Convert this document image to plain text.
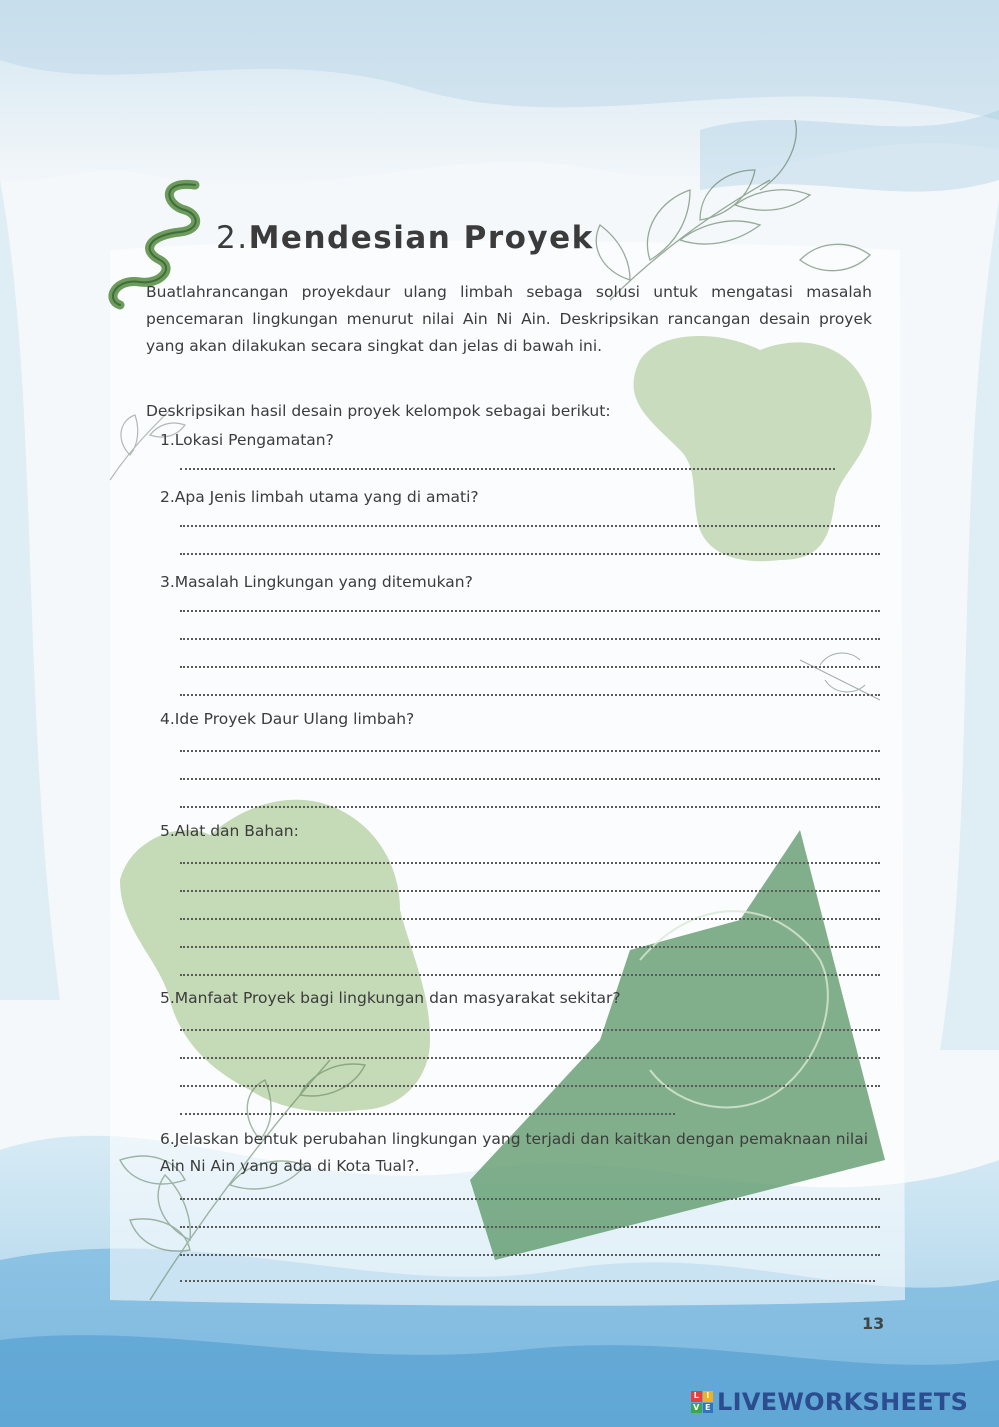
2.Mendesian Proyek

Buatlahrancangan proyekdaur ulang limbah sebaga solusi untuk mengatasi masalah pencemaran lingkungan menurut nilai Ain Ni Ain. Deskripsikan rancangan desain proyek yang akan dilakukan secara singkat dan jelas di bawah ini.

Deskripsikan hasil desain proyek kelompok sebagai berikut:

1.Lokasi Pengamatan?

2.Apa Jenis limbah utama yang di amati?

3.Masalah Lingkungan yang ditemukan?

4.Ide Proyek Daur Ulang limbah?

5.Alat dan Bahan:

5.Manfaat Proyek bagi lingkungan dan masyarakat sekitar?

6.Jelaskan bentuk perubahan lingkungan yang terjadi dan kaitkan dengan pemaknaan nilai Ain Ni Ain yang ada di Kota Tual?.

13
L I
V E LIVEWORKSHEETS
